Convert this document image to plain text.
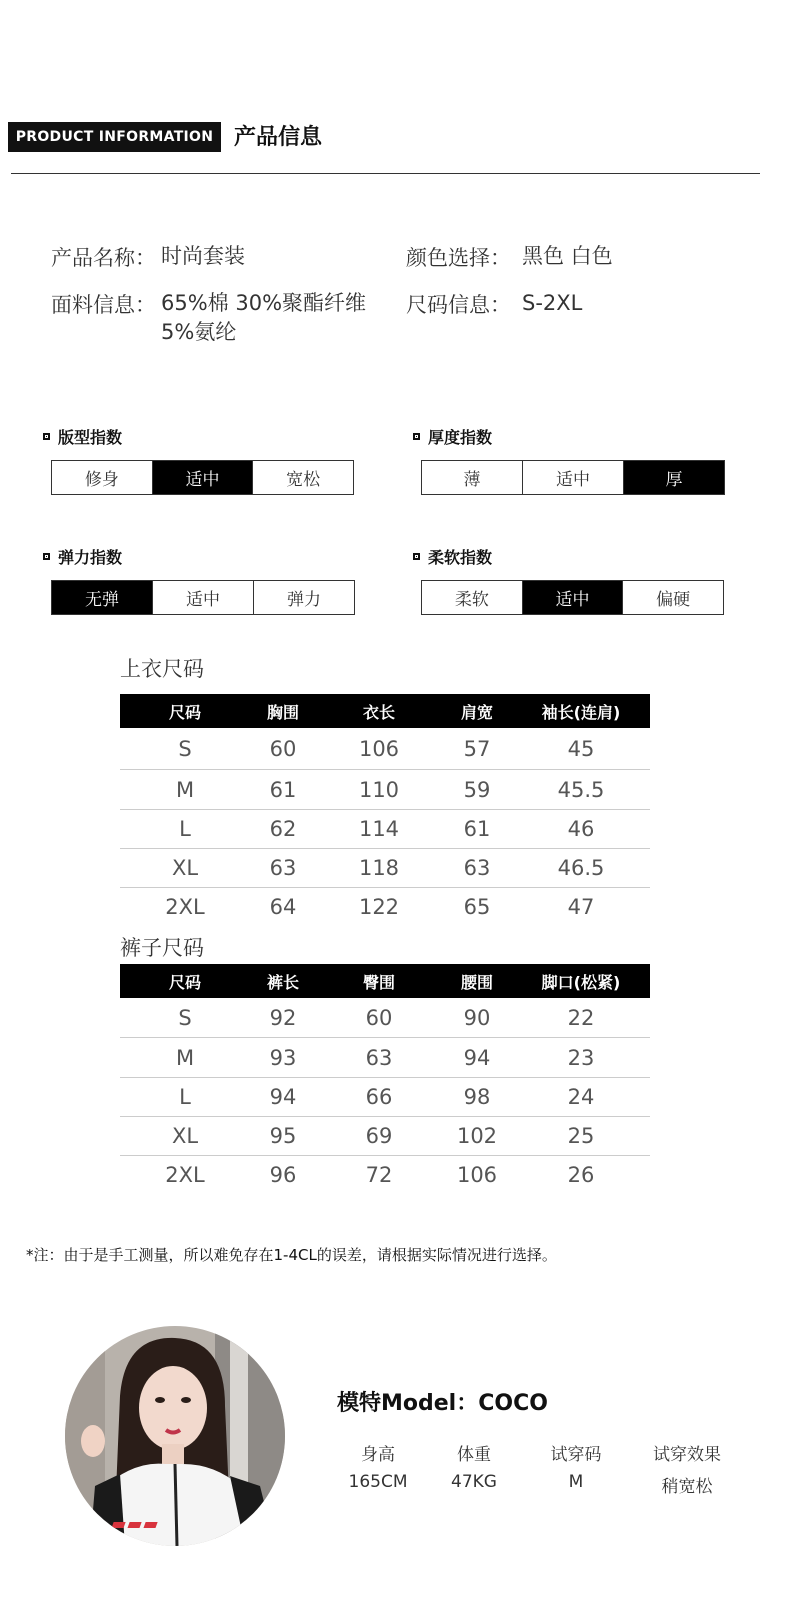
PRODUCT INFORMATION 产品信息
产品名称： 时尚套装	颜色选择： 黑色 白色
面料信息： 65%棉 30%聚酯纤维
5%氨纶
尺码信息： S-2XL
版型指数
修身	适中	宽松
厚度指数
薄	适中	厚
弹力指数
无弹	适中	弹力
柔软指数
柔软	适中	偏硬
上衣尺码
尺码	胸围	衣长	肩宽	袖长(连肩)
S	60	106	57	45
M	61	110	59	45.5
L	62	114	61	46
XL	63	118	63	46.5
2XL	64	122	65	47
裤子尺码
尺码	裤长	臀围	腰围	脚口(松紧)
S	92	60	90	22
M	93	63	94	23
L	94	66	98	24
XL	95	69	102	25
2XL	96	72	106	26
*注：由于是手工测量，所以难免存在1-4CL的误差，请根据实际情况进行选择。
模特Model：COCO
身高	体重	试穿码	试穿效果
165CM	47KG	M	稍宽松
